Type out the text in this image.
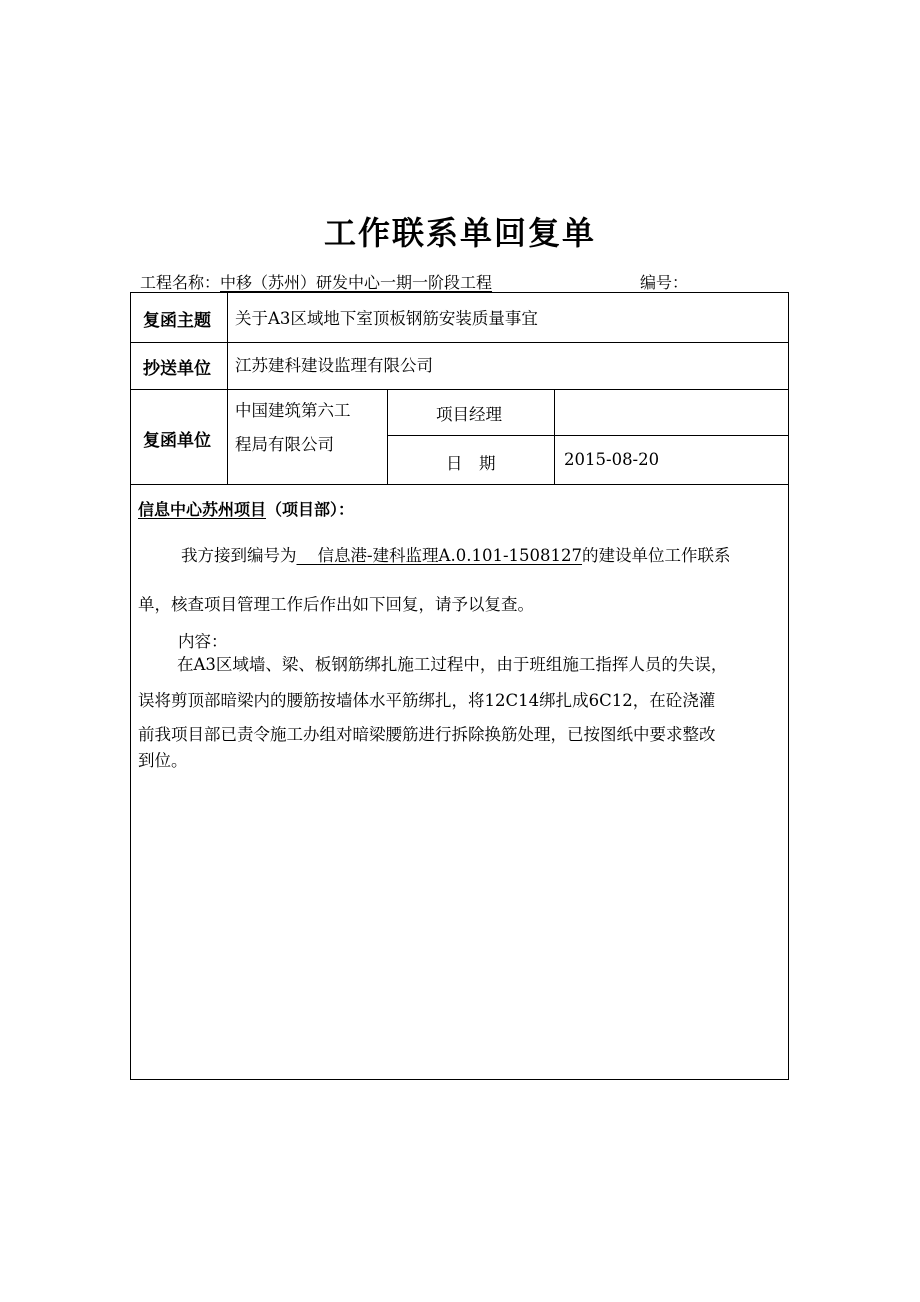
工作联系单回复单
工程名称：中移（苏州）研发中心一期一阶段工程	编号：
复函主题 关于A3区域地下室顶板钢筋安装质量事宜
抄送单位 江苏建科建设监理有限公司
复函单位
中国建筑第六工
程局有限公司
项目经理
日　期	2015-08-20
信息中心苏州项目（项目部）：
我方接到编号为 信息港-建科监理A.0.101-1508127的建设单位工作联系
单，核查项目管理工作后作出如下回复，请予以复查。
内容：
在A3区域墙、梁、板钢筋绑扎施工过程中，由于班组施工指挥人员的失误，
误将剪顶部暗梁内的腰筋按墙体水平筋绑扎，将12C14绑扎成6C12，在砼浇灌
前我项目部已责令施工办组对暗梁腰筋进行拆除换筋处理，已按图纸中要求整改
到位。
